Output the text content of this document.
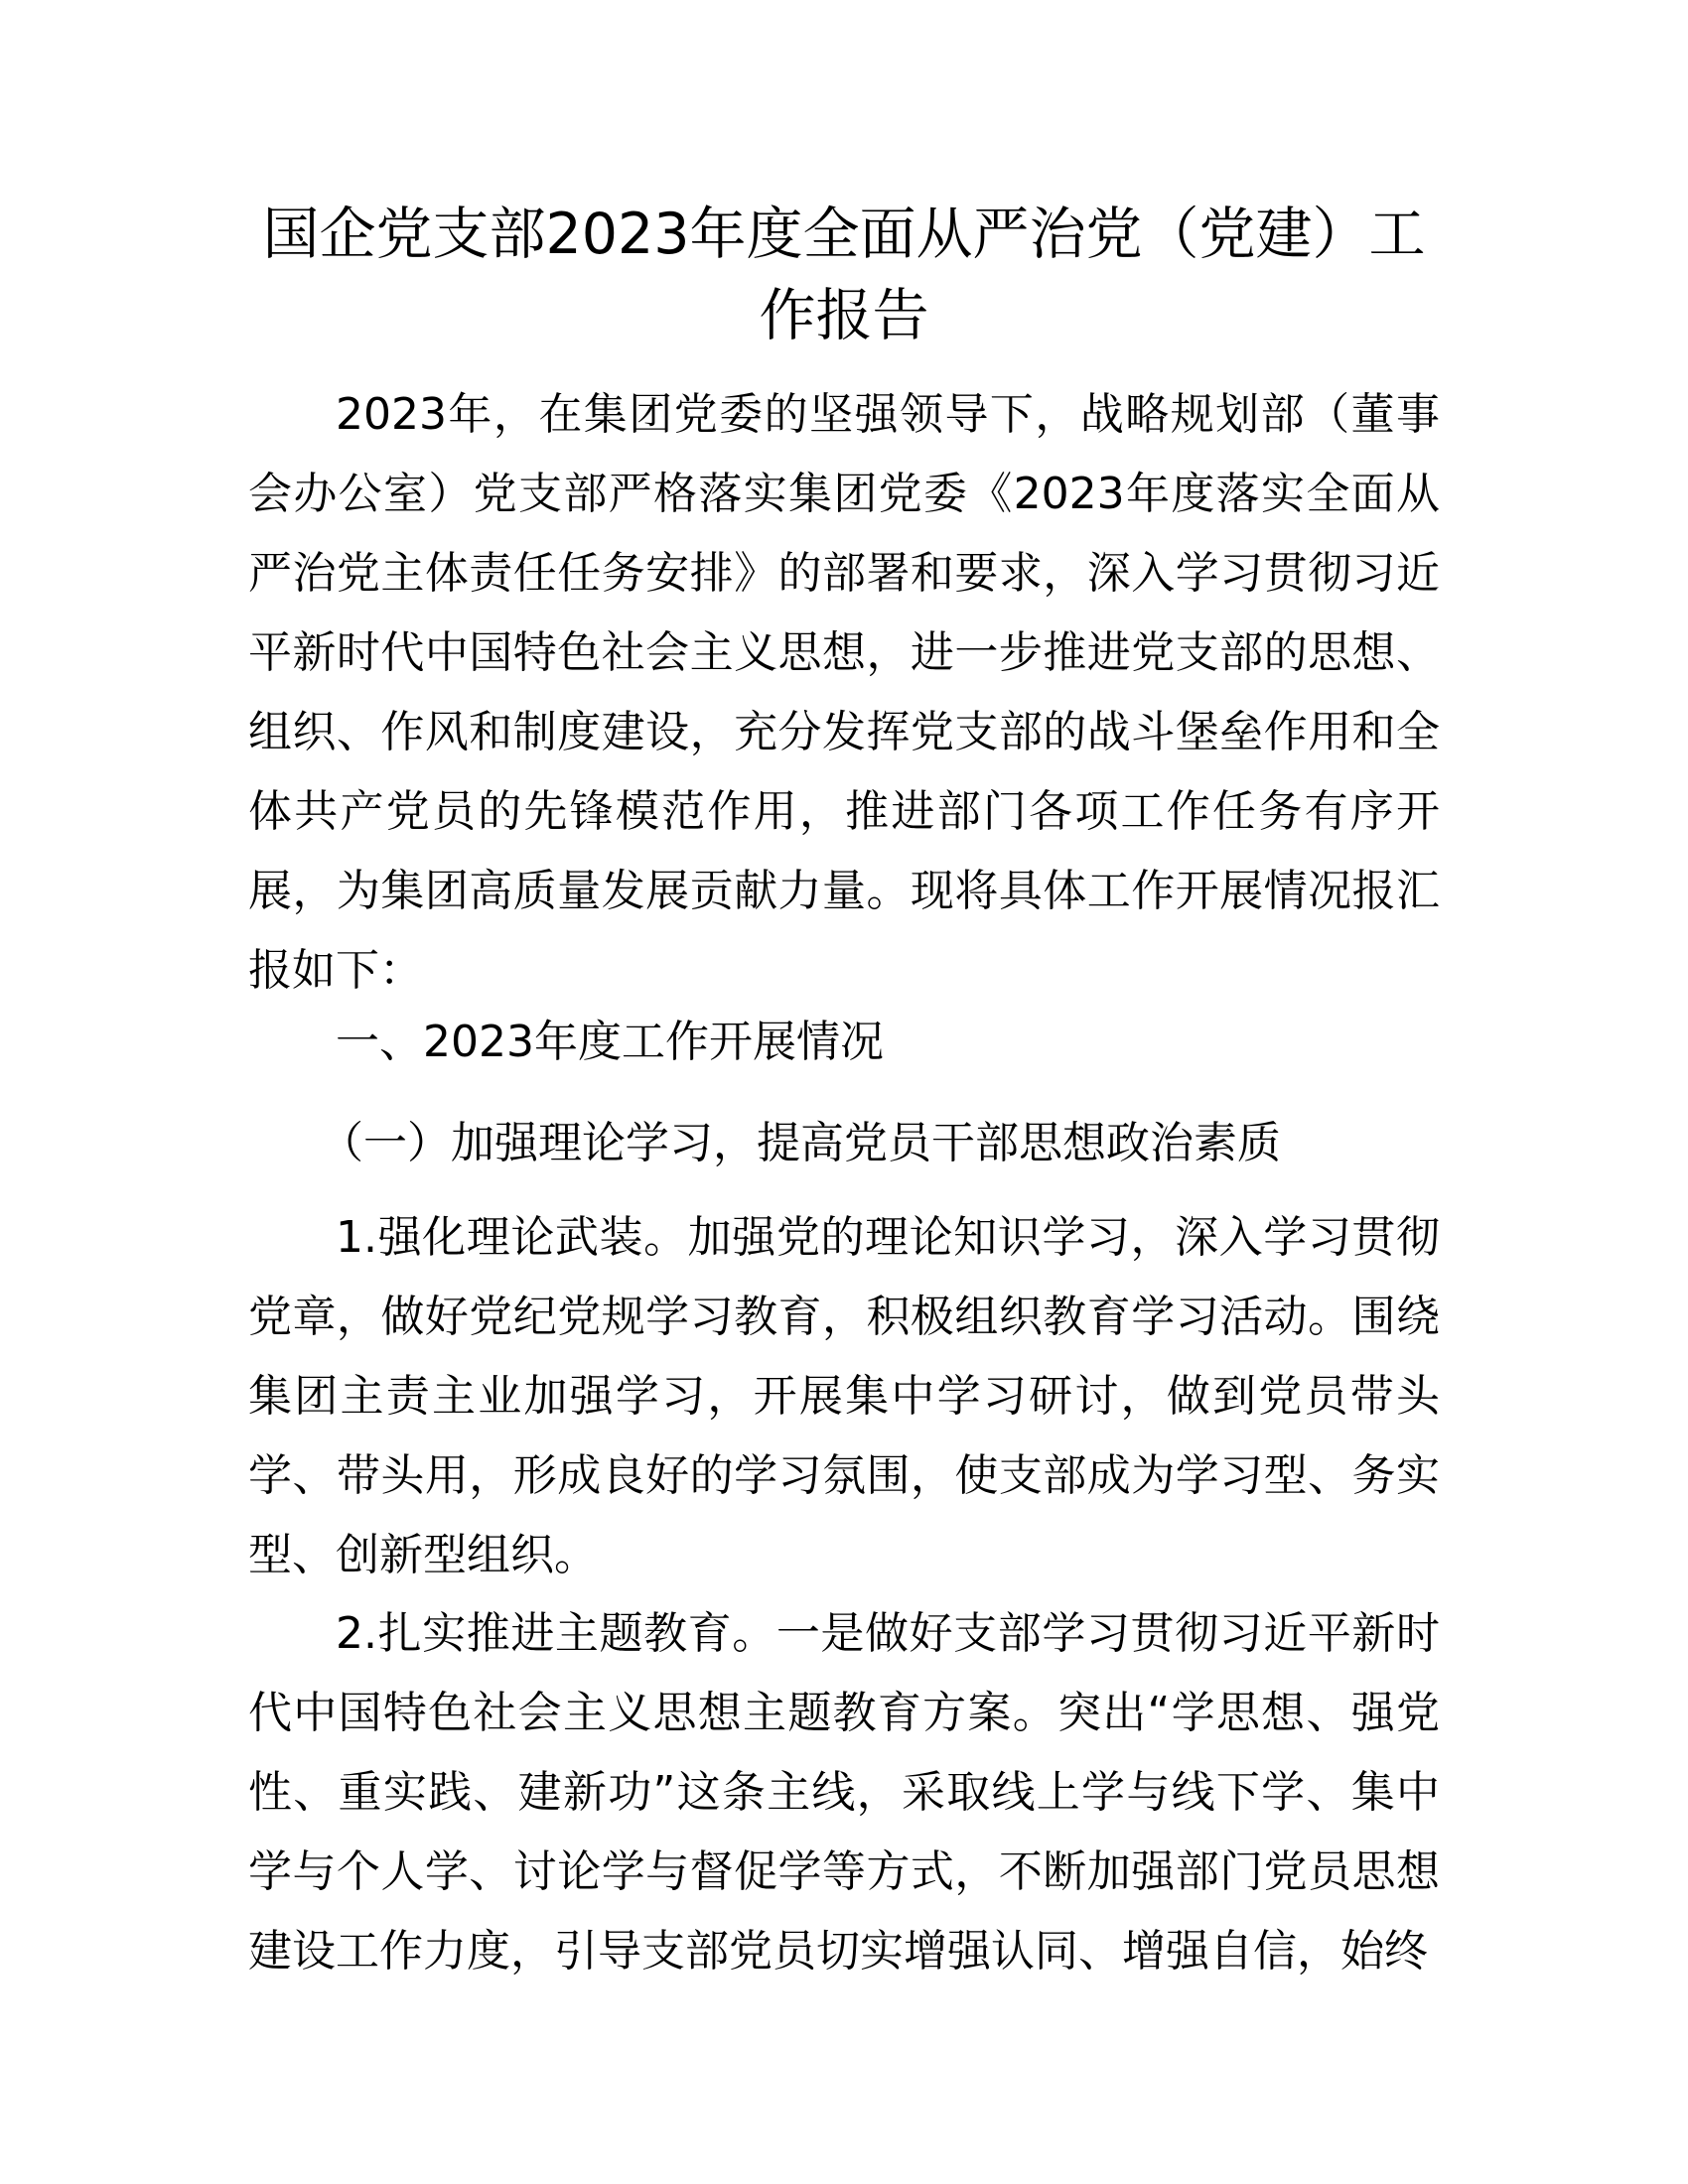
国企党支部2023年度全面从严治党（党建）工作报告

2023年，在集团党委的坚强领导下，战略规划部（董事会办公室）党支部严格落实集团党委《2023年度落实全面从严治党主体责任任务安排》的部署和要求，深入学习贯彻习近平新时代中国特色社会主义思想，进一步推进党支部的思想、组织、作风和制度建设，充分发挥党支部的战斗堡垒作用和全体共产党员的先锋模范作用，推进部门各项工作任务有序开展，为集团高质量发展贡献力量。现将具体工作开展情况报汇报如下：

一、2023年度工作开展情况

（一）加强理论学习，提高党员干部思想政治素质

1.强化理论武装。加强党的理论知识学习，深入学习贯彻党章，做好党纪党规学习教育，积极组织教育学习活动。围绕集团主责主业加强学习，开展集中学习研讨，做到党员带头学、带头用，形成良好的学习氛围，使支部成为学习型、务实型、创新型组织。

2.扎实推进主题教育。一是做好支部学习贯彻习近平新时代中国特色社会主义思想主题教育方案。突出“学思想、强党性、重实践、建新功”这条主线，采取线上学与线下学、集中学与个人学、讨论学与督促学等方式，不断加强部门党员思想建设工作力度，引导支部党员切实增强认同、增强自信，始终
